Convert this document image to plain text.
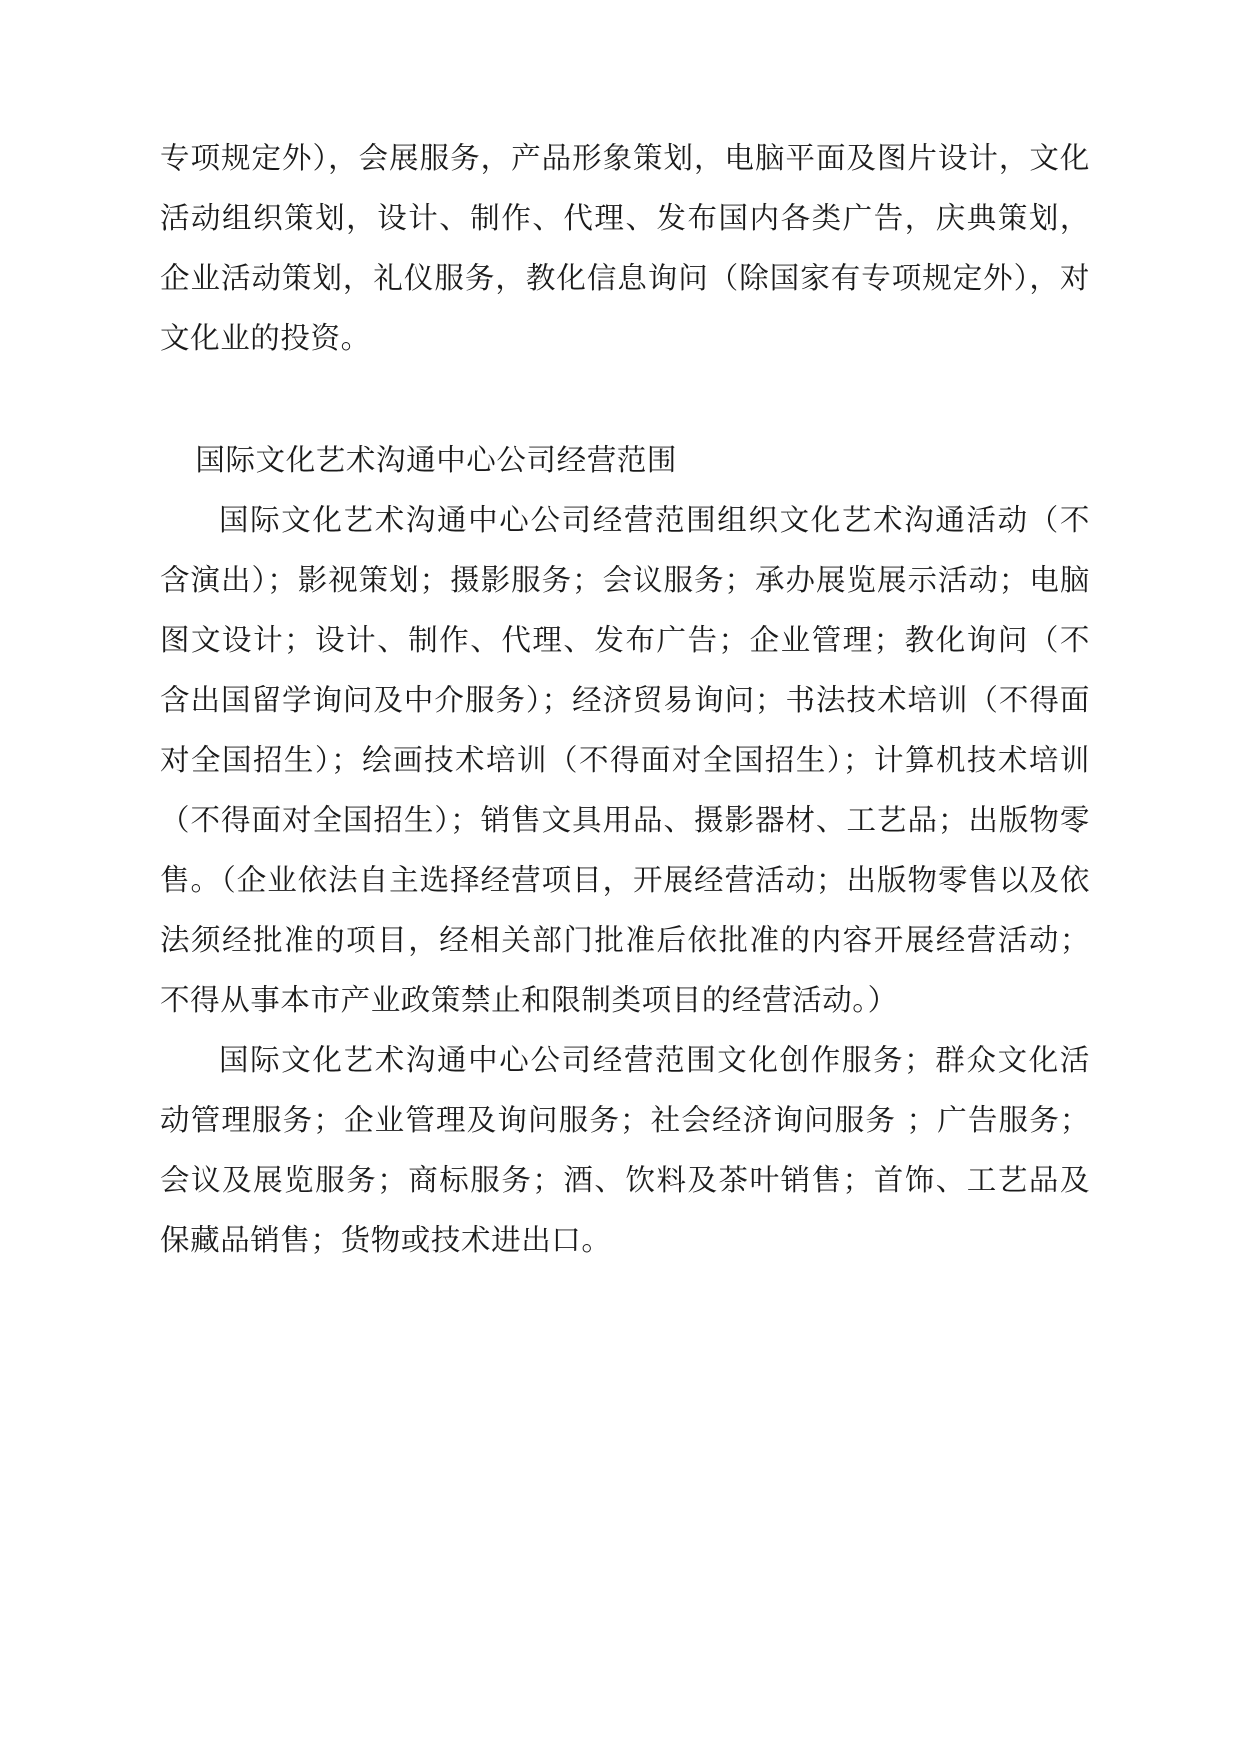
专项规定外），会展服务，产品形象策划，电脑平面及图片设计，文化活动组织策划，设计、制作、代理、发布国内各类广告，庆典策划，企业活动策划，礼仪服务，教化信息询问（除国家有专项规定外），对文化业的投资。

国际文化艺术沟通中心公司经营范围

国际文化艺术沟通中心公司经营范围组织文化艺术沟通活动（不含演出）；影视策划；摄影服务；会议服务；承办展览展示活动；电脑图文设计；设计、制作、代理、发布广告；企业管理；教化询问（不含出国留学询问及中介服务）；经济贸易询问；书法技术培训（不得面对全国招生）；绘画技术培训（不得面对全国招生）；计算机技术培训（不得面对全国招生）；销售文具用品、摄影器材、工艺品；出版物零售。（企业依法自主选择经营项目，开展经营活动；出版物零售以及依法须经批准的项目，经相关部门批准后依批准的内容开展经营活动；不得从事本市产业政策禁止和限制类项目的经营活动。）

国际文化艺术沟通中心公司经营范围文化创作服务；群众文化活动管理服务；企业管理及询问服务；社会经济询问服务 ；广告服务；会议及展览服务；商标服务；酒、饮料及茶叶销售；首饰、工艺品及保藏品销售；货物或技术进出口。
